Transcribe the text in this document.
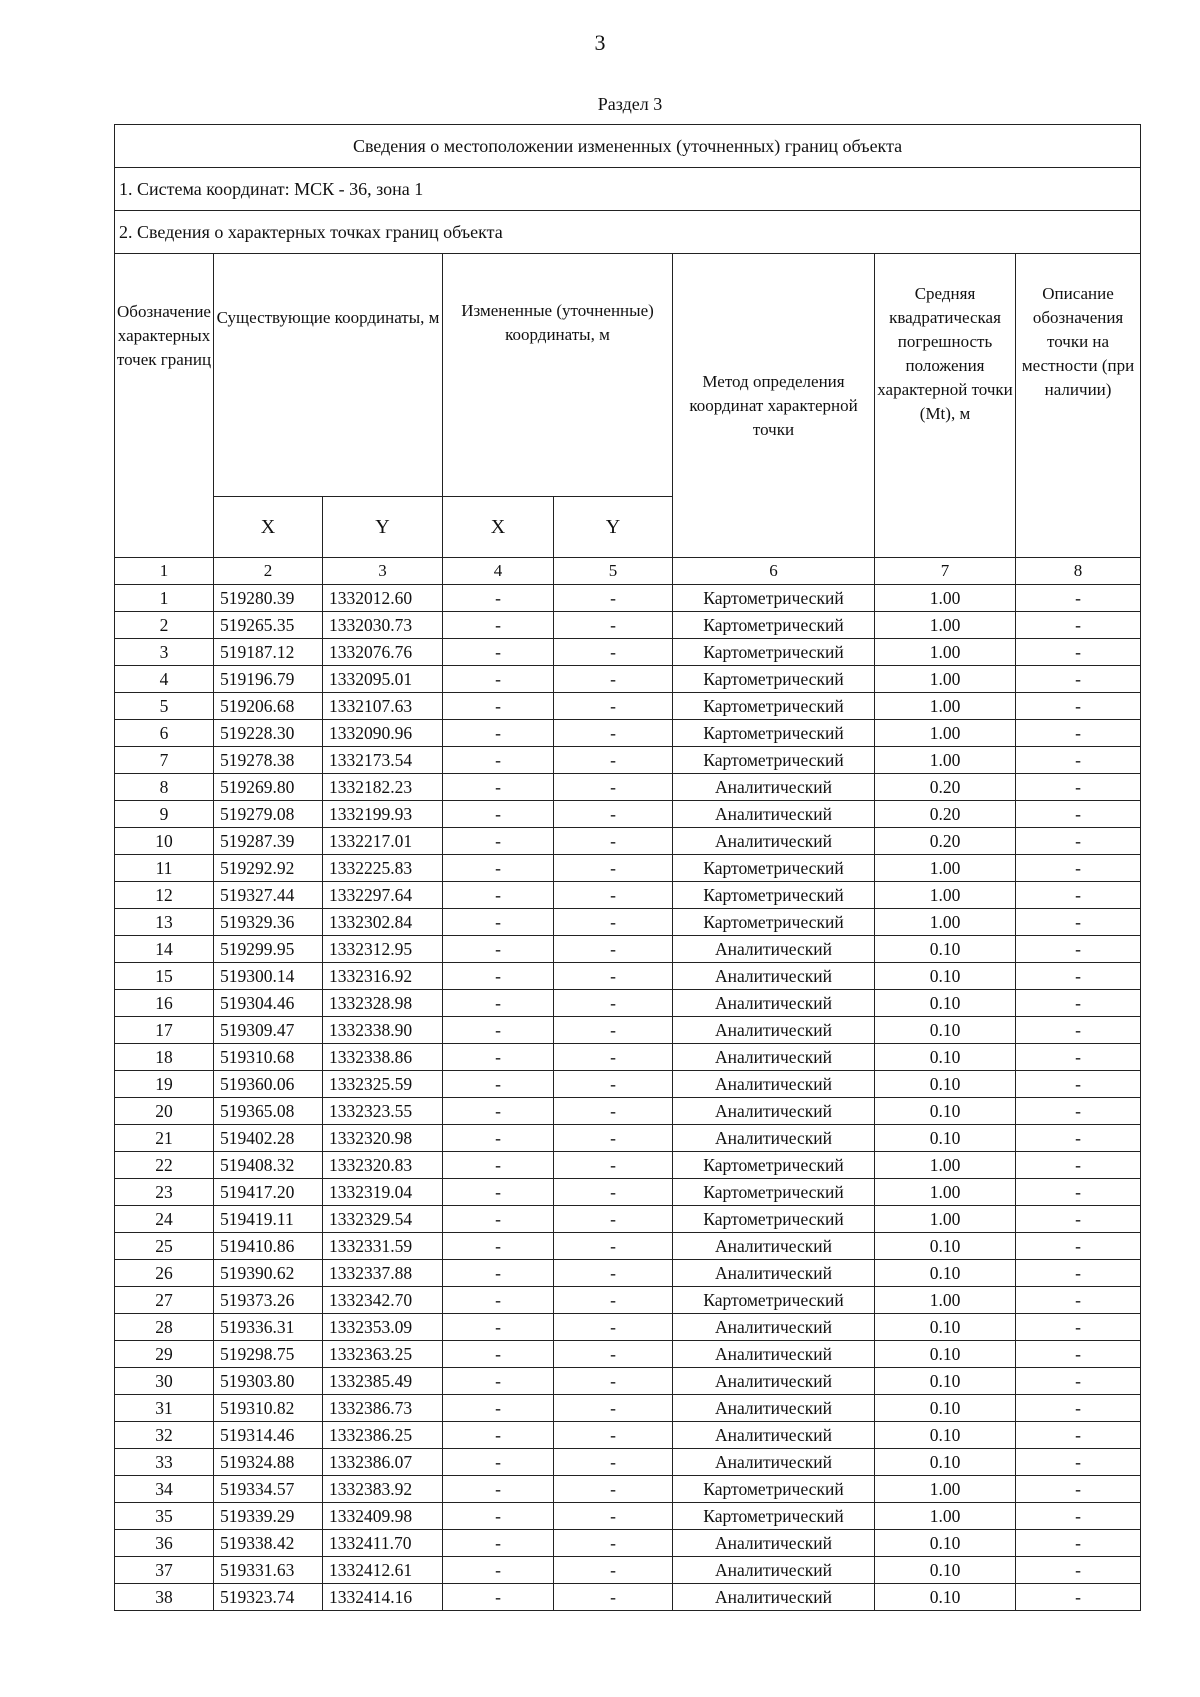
3
Раздел 3
Сведения о местоположении измененных (уточненных) границ объекта							
1. Система координат: МСК - 36, зона 1							
2. Сведения о характерных точках границ объекта							
Обозначение характерных точек границ	Существующие координаты, м		Измененные (уточненные) координаты, м		Метод определения координат характерной точки	Средняя квадратическая погрешность положения характерной точки (Mt), м	Описание обозначения точки на местности (при наличии)
	X	Y	X	Y			
1	2	3	4	5	6	7	8
1	519280.39	1332012.60	-	-	Картометрический	1.00	-
2	519265.35	1332030.73	-	-	Картометрический	1.00	-
3	519187.12	1332076.76	-	-	Картометрический	1.00	-
4	519196.79	1332095.01	-	-	Картометрический	1.00	-
5	519206.68	1332107.63	-	-	Картометрический	1.00	-
6	519228.30	1332090.96	-	-	Картометрический	1.00	-
7	519278.38	1332173.54	-	-	Картометрический	1.00	-
8	519269.80	1332182.23	-	-	Аналитический	0.20	-
9	519279.08	1332199.93	-	-	Аналитический	0.20	-
10	519287.39	1332217.01	-	-	Аналитический	0.20	-
11	519292.92	1332225.83	-	-	Картометрический	1.00	-
12	519327.44	1332297.64	-	-	Картометрический	1.00	-
13	519329.36	1332302.84	-	-	Картометрический	1.00	-
14	519299.95	1332312.95	-	-	Аналитический	0.10	-
15	519300.14	1332316.92	-	-	Аналитический	0.10	-
16	519304.46	1332328.98	-	-	Аналитический	0.10	-
17	519309.47	1332338.90	-	-	Аналитический	0.10	-
18	519310.68	1332338.86	-	-	Аналитический	0.10	-
19	519360.06	1332325.59	-	-	Аналитический	0.10	-
20	519365.08	1332323.55	-	-	Аналитический	0.10	-
21	519402.28	1332320.98	-	-	Аналитический	0.10	-
22	519408.32	1332320.83	-	-	Картометрический	1.00	-
23	519417.20	1332319.04	-	-	Картометрический	1.00	-
24	519419.11	1332329.54	-	-	Картометрический	1.00	-
25	519410.86	1332331.59	-	-	Аналитический	0.10	-
26	519390.62	1332337.88	-	-	Аналитический	0.10	-
27	519373.26	1332342.70	-	-	Картометрический	1.00	-
28	519336.31	1332353.09	-	-	Аналитический	0.10	-
29	519298.75	1332363.25	-	-	Аналитический	0.10	-
30	519303.80	1332385.49	-	-	Аналитический	0.10	-
31	519310.82	1332386.73	-	-	Аналитический	0.10	-
32	519314.46	1332386.25	-	-	Аналитический	0.10	-
33	519324.88	1332386.07	-	-	Аналитический	0.10	-
34	519334.57	1332383.92	-	-	Картометрический	1.00	-
35	519339.29	1332409.98	-	-	Картометрический	1.00	-
36	519338.42	1332411.70	-	-	Аналитический	0.10	-
37	519331.63	1332412.61	-	-	Аналитический	0.10	-
38	519323.74	1332414.16	-	-	Аналитический	0.10	-
